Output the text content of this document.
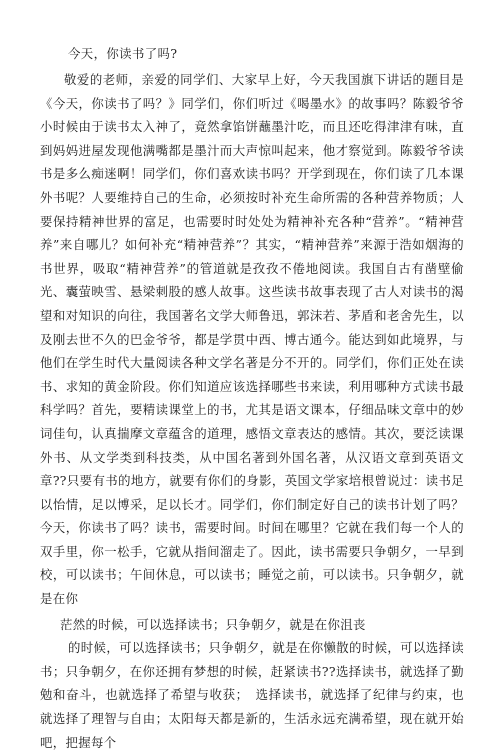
今天，你读书了吗?

敬爱的老师，亲爱的同学们、大家早上好，今天我国旗下讲话的题目是《今天，你读书了吗？》同学们，你们听过《喝墨水》的故事吗？陈毅爷爷小时候由于读书太入神了，竟然拿馅饼蘸墨汁吃，而且还吃得津津有味，直到妈妈进屋发现他满嘴都是墨汁而大声惊叫起来，他才察觉到。陈毅爷爷读书是多么痴迷啊！同学们，你们喜欢读书吗？开学到现在，你们读了几本课外书呢？人要维持自己的生命，必须按时补充生命所需的各种营养物质；人要保持精神世界的富足，也需要时时处处为精神补充各种“营养”。“精神营养”来自哪儿？如何补充“精神营养”？其实，“精神营养”来源于浩如烟海的书世界，吸取“精神营养”的管道就是孜孜不倦地阅读。我国自古有凿壁偷光、囊萤映雪、悬梁刺股的感人故事。这些读书故事表现了古人对读书的渴望和对知识的向往，我国著名文学大师鲁迅，郭沫若、茅盾和老舍先生，以及刚去世不久的巴金爷爷，都是学贯中西、博古通今。能达到如此境界，与他们在学生时代大量阅读各种文学名著是分不开的。同学们，你们正处在读书、求知的黄金阶段。你们知道应该选择哪些书来读，利用哪种方式读书最科学吗？首先，要精读课堂上的书，尤其是语文课本，仔细品味文章中的妙词佳句，认真揣摩文章蕴含的道理，感悟文章表达的感情。其次，要泛读课外书、从文学类到科技类，从中国名著到外国名著，从汉语文章到英语文章??只要有书的地方，就要有你们的身影，英国文学家培根曾说过：读书足以怡情，足以博采，足以长才。同学们，你们制定好自己的读书计划了吗？今天，你读书了吗？读书，需要时间。时间在哪里？它就在我们每一个人的双手里，你一松手，它就从指间溜走了。因此，读书需要只争朝夕，一早到校，可以读书；午间休息，可以读书；睡觉之前，可以读书。只争朝夕，就是在你

茫然的时候，可以选择读书；只争朝夕，就是在你沮丧

的时候，可以选择读书；只争朝夕，就是在你懒散的时候，可以选择读书；只争朝夕，在你还拥有梦想的时候，赶紧读书??选择读书，就选择了勤勉和奋斗，也就选择了希望与收获；　选择读书，就选择了纪律与约束，也就选择了理智与自由；太阳每天都是新的，生活永远充满希望，现在就开始吧，把握每个
